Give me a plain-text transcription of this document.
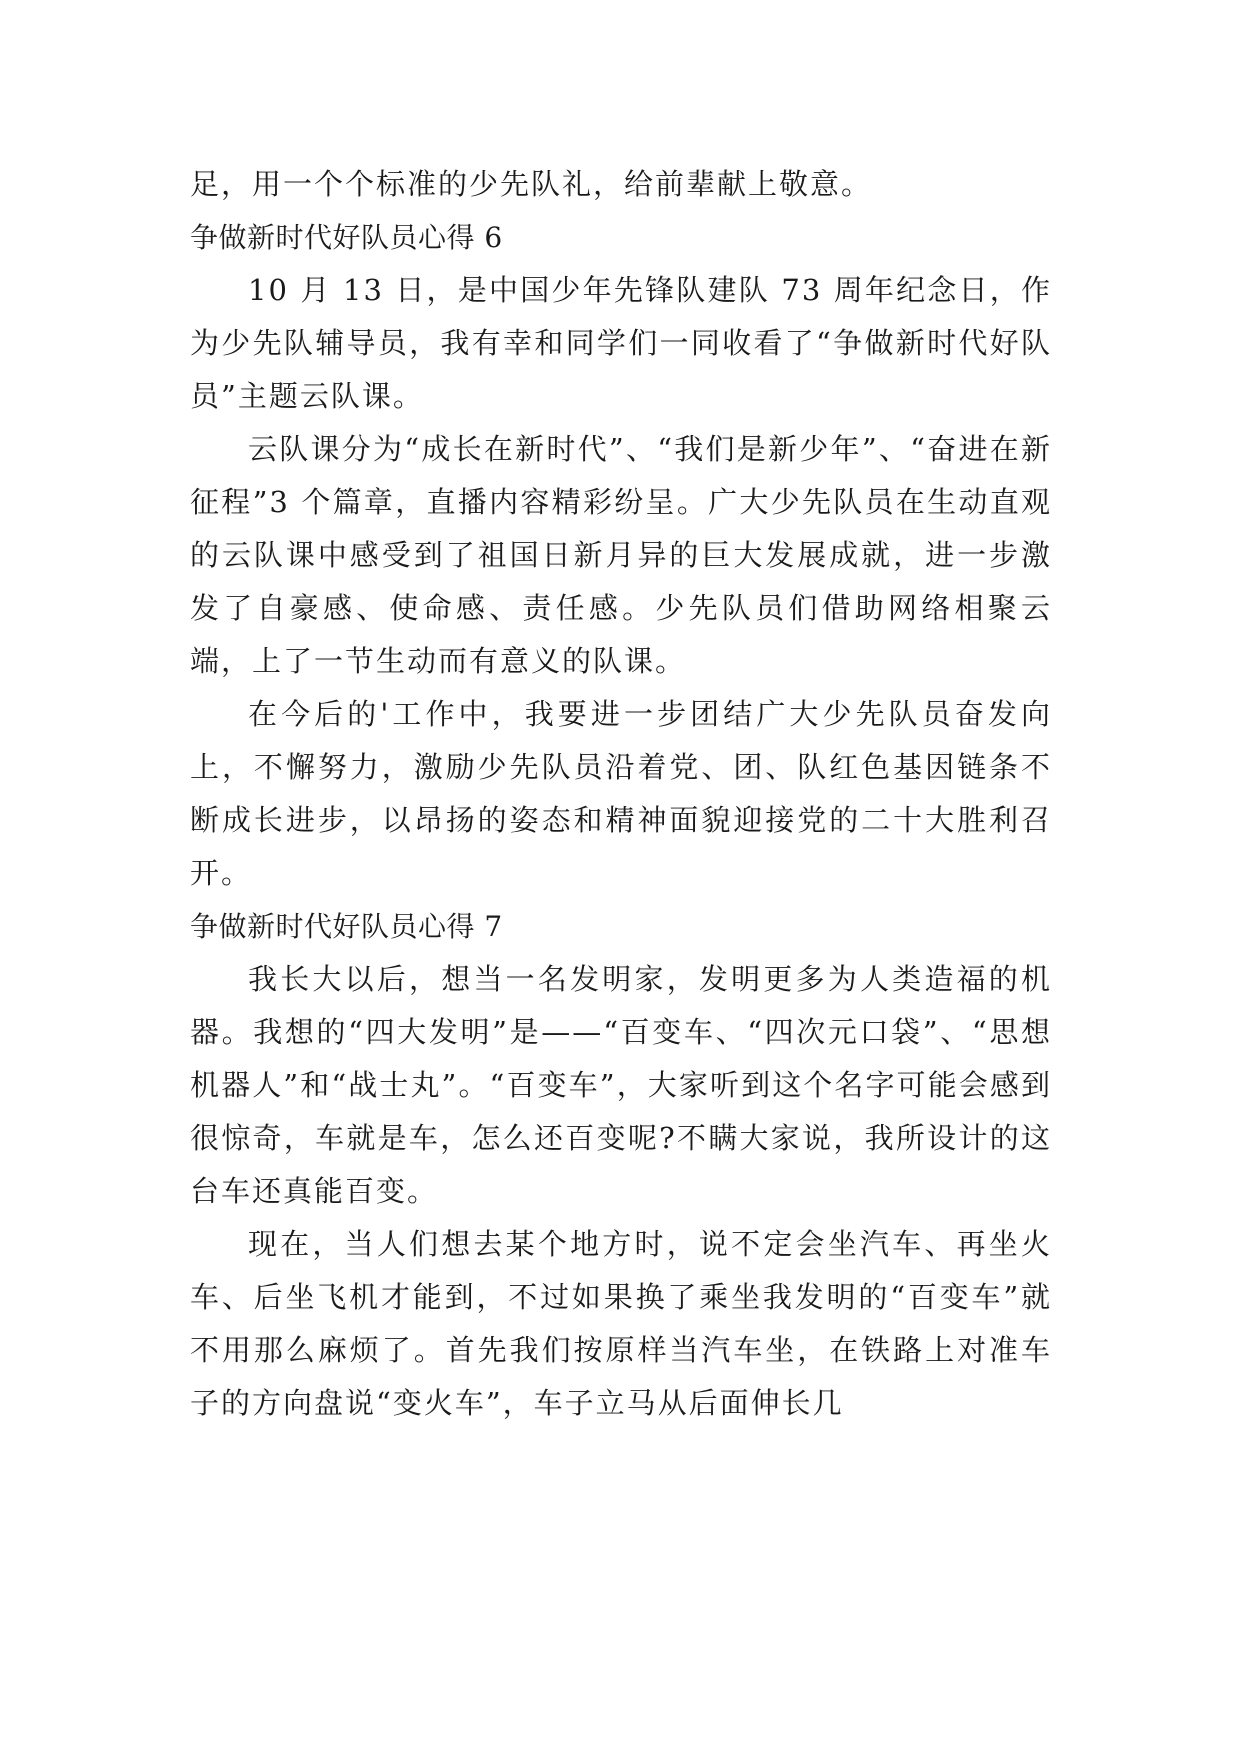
足，用一个个标准的少先队礼，给前辈献上敬意。

争做新时代好队员心得 6

10 月 13 日，是中国少年先锋队建队 73 周年纪念日，作为少先队辅导员，我有幸和同学们一同收看了“争做新时代好队员”主题云队课。

云队课分为“成长在新时代”、“我们是新少年”、“奋进在新征程”3 个篇章，直播内容精彩纷呈。广大少先队员在生动直观的云队课中感受到了祖国日新月异的巨大发展成就，进一步激发了自豪感、使命感、责任感。少先队员们借助网络相聚云端，上了一节生动而有意义的队课。

在今后的'工作中，我要进一步团结广大少先队员奋发向上，不懈努力，激励少先队员沿着党、团、队红色基因链条不断成长进步，以昂扬的姿态和精神面貌迎接党的二十大胜利召开。

争做新时代好队员心得 7

我长大以后，想当一名发明家，发明更多为人类造福的机器。我想的“四大发明”是——“百变车、“四次元口袋”、“思想机器人”和“战士丸”。“百变车”，大家听到这个名字可能会感到很惊奇，车就是车，怎么还百变呢?不瞒大家说，我所设计的这台车还真能百变。

现在，当人们想去某个地方时，说不定会坐汽车、再坐火车、后坐飞机才能到，不过如果换了乘坐我发明的“百变车”就不用那么麻烦了。首先我们按原样当汽车坐，在铁路上对准车子的方向盘说“变火车”，车子立马从后面伸长几
